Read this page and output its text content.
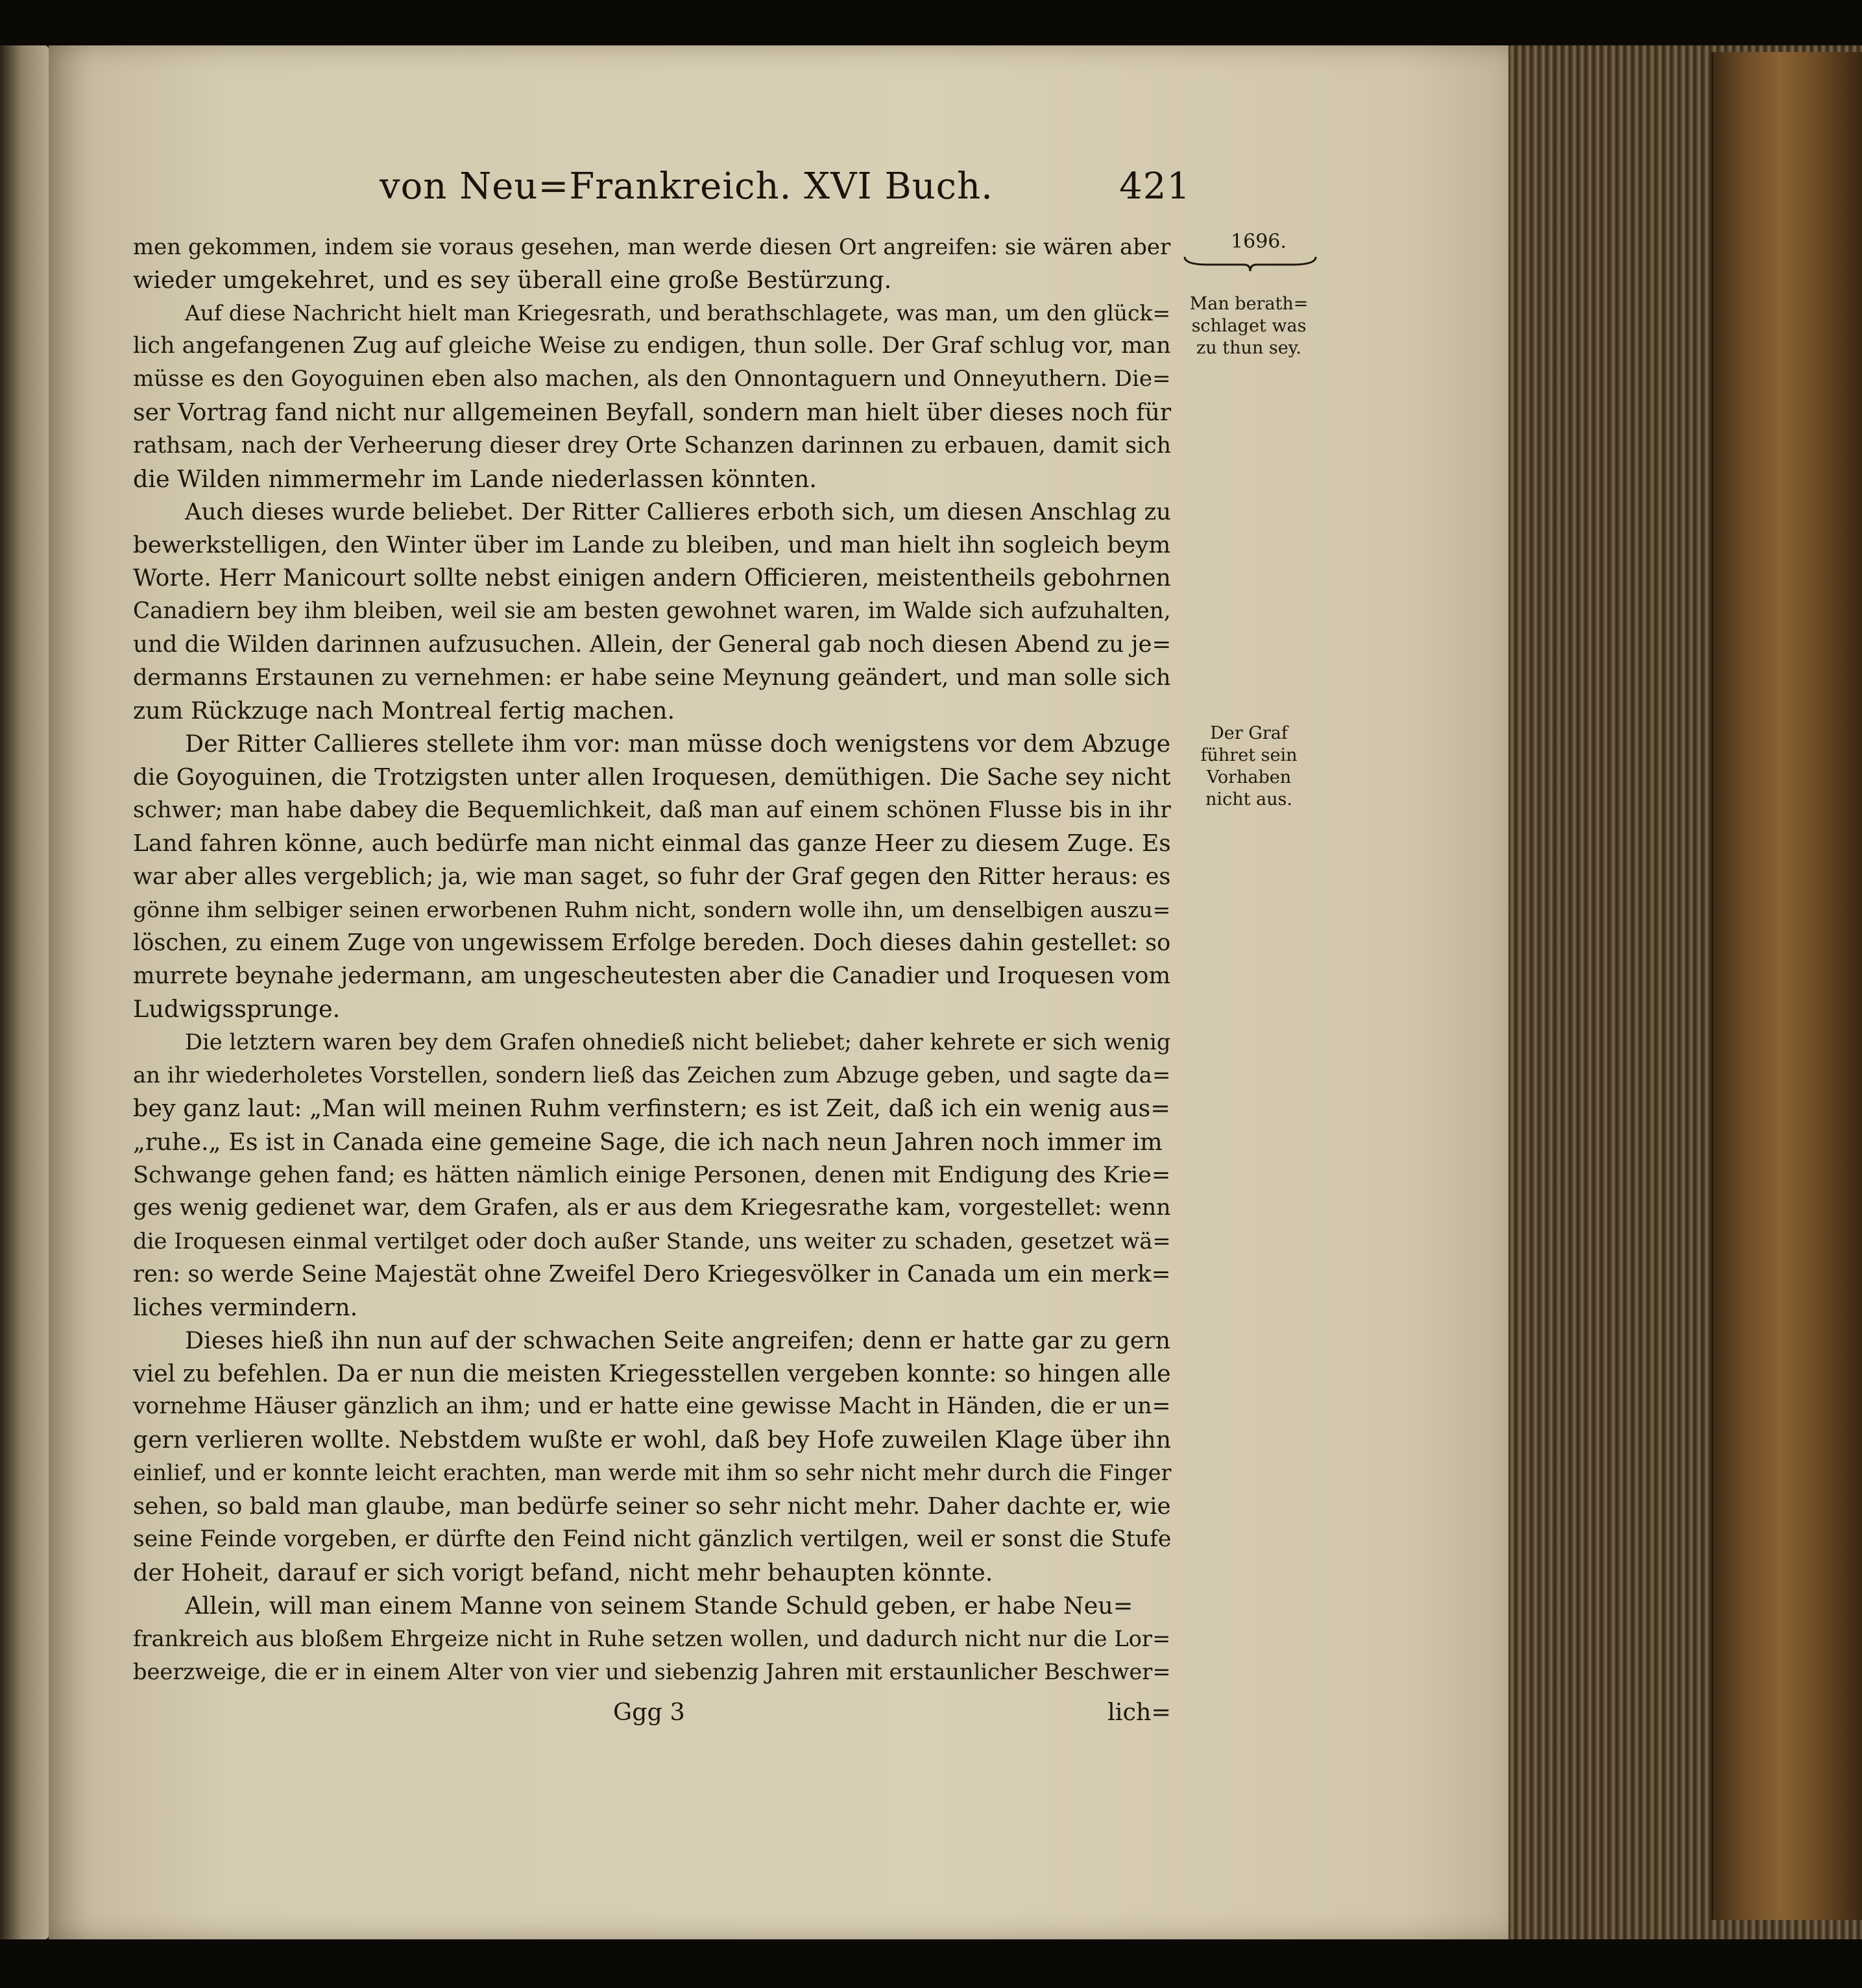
von Neu=Frankreich. XVI Buch.	421
1696.
Man berath=
schlaget was
zu thun sey.
Der Graf
führet sein
Vorhaben
nicht aus.
men gekommen, indem sie voraus gesehen, man werde diesen Ort angreifen: sie wären aber
wieder umgekehret, und es sey überall eine große Bestürzung.
Auf diese Nachricht hielt man Kriegesrath, und berathschlagete, was man, um den glück=
lich angefangenen Zug auf gleiche Weise zu endigen, thun solle. Der Graf schlug vor, man
müsse es den Goyoguinen eben also machen, als den Onnontaguern und Onneyuthern. Die=
ser Vortrag fand nicht nur allgemeinen Beyfall, sondern man hielt über dieses noch für
rathsam, nach der Verheerung dieser drey Orte Schanzen darinnen zu erbauen, damit sich
die Wilden nimmermehr im Lande niederlassen könnten.
Auch dieses wurde beliebet. Der Ritter Callieres erboth sich, um diesen Anschlag zu
bewerkstelligen, den Winter über im Lande zu bleiben, und man hielt ihn sogleich beym
Worte. Herr Manicourt sollte nebst einigen andern Officieren, meistentheils gebohrnen
Canadiern bey ihm bleiben, weil sie am besten gewohnet waren, im Walde sich aufzuhalten,
und die Wilden darinnen aufzusuchen. Allein, der General gab noch diesen Abend zu je=
dermanns Erstaunen zu vernehmen: er habe seine Meynung geändert, und man solle sich
zum Rückzuge nach Montreal fertig machen.
Der Ritter Callieres stellete ihm vor: man müsse doch wenigstens vor dem Abzuge
die Goyoguinen, die Trotzigsten unter allen Iroquesen, demüthigen. Die Sache sey nicht
schwer; man habe dabey die Bequemlichkeit, daß man auf einem schönen Flusse bis in ihr
Land fahren könne, auch bedürfe man nicht einmal das ganze Heer zu diesem Zuge. Es
war aber alles vergeblich; ja, wie man saget, so fuhr der Graf gegen den Ritter heraus: es
gönne ihm selbiger seinen erworbenen Ruhm nicht, sondern wolle ihn, um denselbigen auszu=
löschen, zu einem Zuge von ungewissem Erfolge bereden. Doch dieses dahin gestellet: so
murrete beynahe jedermann, am ungescheutesten aber die Canadier und Iroquesen vom
Ludwigssprunge.
Die letztern waren bey dem Grafen ohnedieß nicht beliebet; daher kehrete er sich wenig
an ihr wiederholetes Vorstellen, sondern ließ das Zeichen zum Abzuge geben, und sagte da=
bey ganz laut: „Man will meinen Ruhm verfinstern; es ist Zeit, daß ich ein wenig aus=
„ruhe.„ Es ist in Canada eine gemeine Sage, die ich nach neun Jahren noch immer im
Schwange gehen fand; es hätten nämlich einige Personen, denen mit Endigung des Krie=
ges wenig gedienet war, dem Grafen, als er aus dem Kriegesrathe kam, vorgestellet: wenn
die Iroquesen einmal vertilget oder doch außer Stande, uns weiter zu schaden, gesetzet wä=
ren: so werde Seine Majestät ohne Zweifel Dero Kriegesvölker in Canada um ein merk=
liches vermindern.
Dieses hieß ihn nun auf der schwachen Seite angreifen; denn er hatte gar zu gern
viel zu befehlen. Da er nun die meisten Kriegesstellen vergeben konnte: so hingen alle
vornehme Häuser gänzlich an ihm; und er hatte eine gewisse Macht in Händen, die er un=
gern verlieren wollte. Nebstdem wußte er wohl, daß bey Hofe zuweilen Klage über ihn
einlief, und er konnte leicht erachten, man werde mit ihm so sehr nicht mehr durch die Finger
sehen, so bald man glaube, man bedürfe seiner so sehr nicht mehr. Daher dachte er, wie
seine Feinde vorgeben, er dürfte den Feind nicht gänzlich vertilgen, weil er sonst die Stufe
der Hoheit, darauf er sich vorigt befand, nicht mehr behaupten könnte.
Allein, will man einem Manne von seinem Stande Schuld geben, er habe Neu=
frankreich aus bloßem Ehrgeize nicht in Ruhe setzen wollen, und dadurch nicht nur die Lor=
beerzweige, die er in einem Alter von vier und siebenzig Jahren mit erstaunlicher Beschwer=
Ggg 3	lich=
